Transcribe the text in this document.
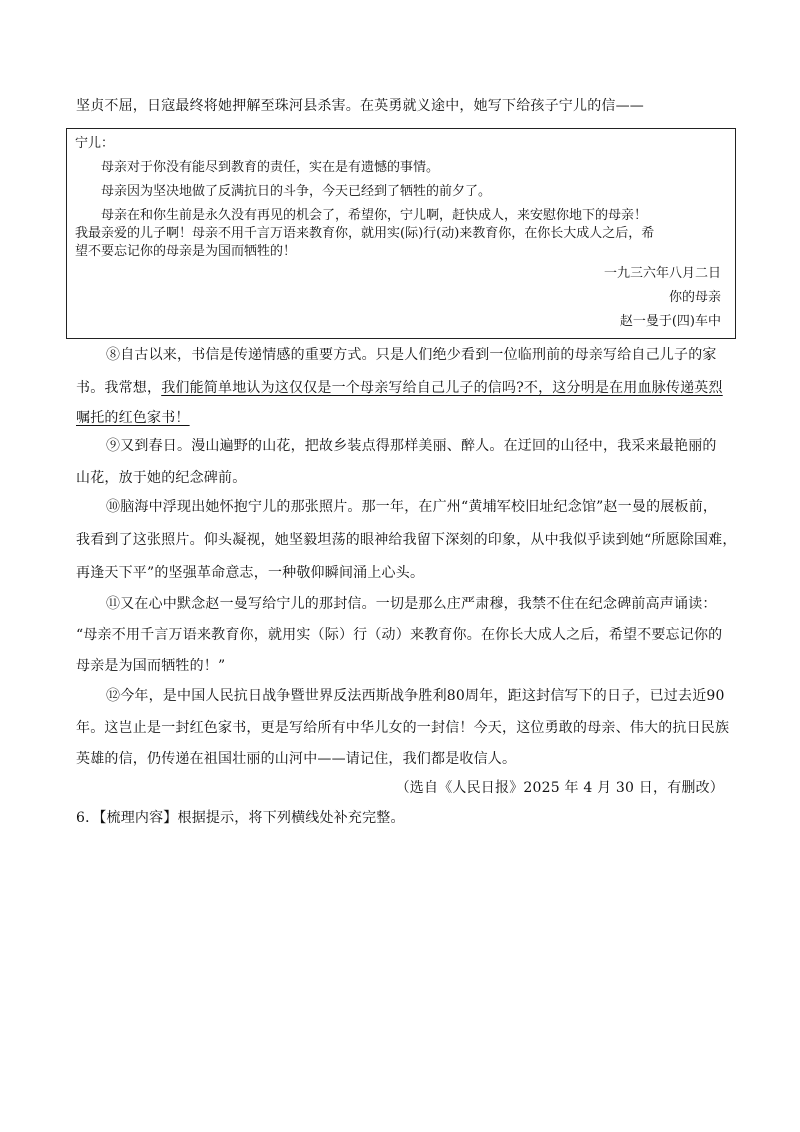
坚贞不屈，日寇最终将她押解至珠河县杀害。在英勇就义途中，她写下给孩子宁儿的信——
宁儿：
母亲对于你没有能尽到教育的责任，实在是有遗憾的事情。
母亲因为坚决地做了反满抗日的斗争，今天已经到了牺牲的前夕了。
母亲在和你生前是永久没有再见的机会了，希望你，宁儿啊，赶快成人，来安慰你地下的母亲！
我最亲爱的儿子啊！母亲不用千言万语来教育你，就用实(际)行(动)来教育你，在你长大成人之后，希
望不要忘记你的母亲是为国而牺牲的！
一九三六年八月二日
你的母亲
赵一曼于(四)车中
⑧自古以来，书信是传递情感的重要方式。只是人们绝少看到一位临刑前的母亲写给自己儿子的家
书。我常想，我们能简单地认为这仅仅是一个母亲写给自己儿子的信吗?不，这分明是在用血脉传递英烈
嘱托的红色家书！
⑨又到春日。漫山遍野的山花，把故乡装点得那样美丽、醉人。在迂回的山径中，我采来最艳丽的
山花，放于她的纪念碑前。
⑩脑海中浮现出她怀抱宁儿的那张照片。那一年，在广州“黄埔军校旧址纪念馆”赵一曼的展板前，
我看到了这张照片。仰头凝视，她坚毅坦荡的眼神给我留下深刻的印象，从中我似乎读到她“所愿除国难，
再逢天下平”的坚强革命意志，一种敬仰瞬间涌上心头。
⑪又在心中默念赵一曼写给宁儿的那封信。一切是那么庄严肃穆，我禁不住在纪念碑前高声诵读：
“母亲不用千言万语来教育你，就用实（际）行（动）来教育你。在你长大成人之后，希望不要忘记你的
母亲是为国而牺牲的！”
⑫今年，是中国人民抗日战争暨世界反法西斯战争胜利80周年，距这封信写下的日子，已过去近90
年。这岂止是一封红色家书，更是写给所有中华儿女的一封信！今天，这位勇敢的母亲、伟大的抗日民族
英雄的信，仍传递在祖国壮丽的山河中——请记住，我们都是收信人。
（选自《人民日报》2025 年 4 月 30 日，有删改）
6．【梳理内容】根据提示，将下列横线处补充完整。
